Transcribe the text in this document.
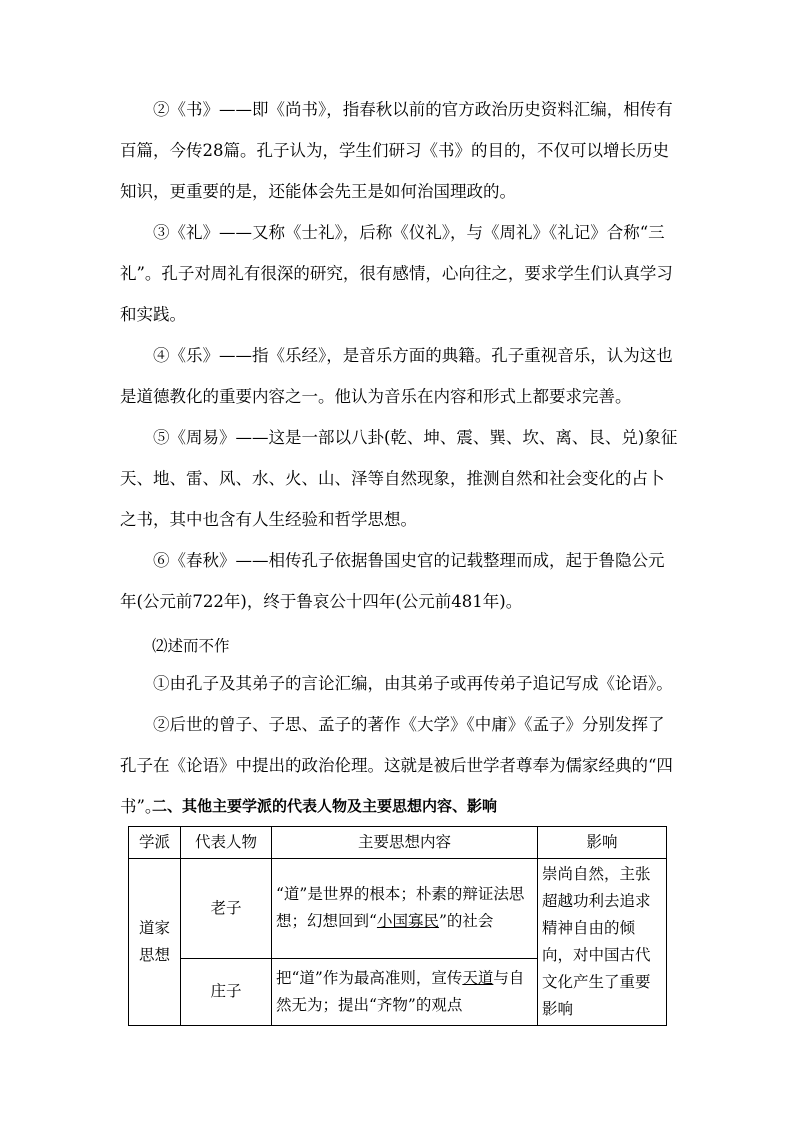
②《书》——即《尚书》，指春秋以前的官方政治历史资料汇编，相传有百篇，今传28篇。孔子认为，学生们研习《书》的目的，不仅可以增长历史知识，更重要的是，还能体会先王是如何治国理政的。

③《礼》——又称《士礼》，后称《仪礼》，与《周礼》《礼记》合称“三礼”。孔子对周礼有很深的研究，很有感情，心向往之，要求学生们认真学习和实践。

④《乐》——指《乐经》，是音乐方面的典籍。孔子重视音乐，认为这也是道德教化的重要内容之一。他认为音乐在内容和形式上都要求完善。

⑤《周易》——这是一部以八卦(乾、坤、震、巽、坎、离、艮、兑)象征天、地、雷、风、水、火、山、泽等自然现象，推测自然和社会变化的占卜之书，其中也含有人生经验和哲学思想。

⑥《春秋》——相传孔子依据鲁国史官的记载整理而成，起于鲁隐公元年(公元前722年)，终于鲁哀公十四年(公元前481年)。

⑵述而不作

①由孔子及其弟子的言论汇编，由其弟子或再传弟子追记写成《论语》。

②后世的曾子、子思、孟子的著作《大学》《中庸》《孟子》分别发挥了孔子在《论语》中提出的政治伦理。这就是被后世学者尊奉为儒家经典的“四书”。

二、其他主要学派的代表人物及主要思想内容、影响

学派	代表人物	主要思想内容	影响
道家思想	老子	“道”是世界的根本；朴素的辩证法思想；幻想回到“小国寡民”的社会	崇尚自然，主张超越功利去追求精神自由的倾向，对中国古代文化产生了重要影响
	庄子	把“道”作为最高准则，宣传天道与自然无为；提出“齐物”的观点	
